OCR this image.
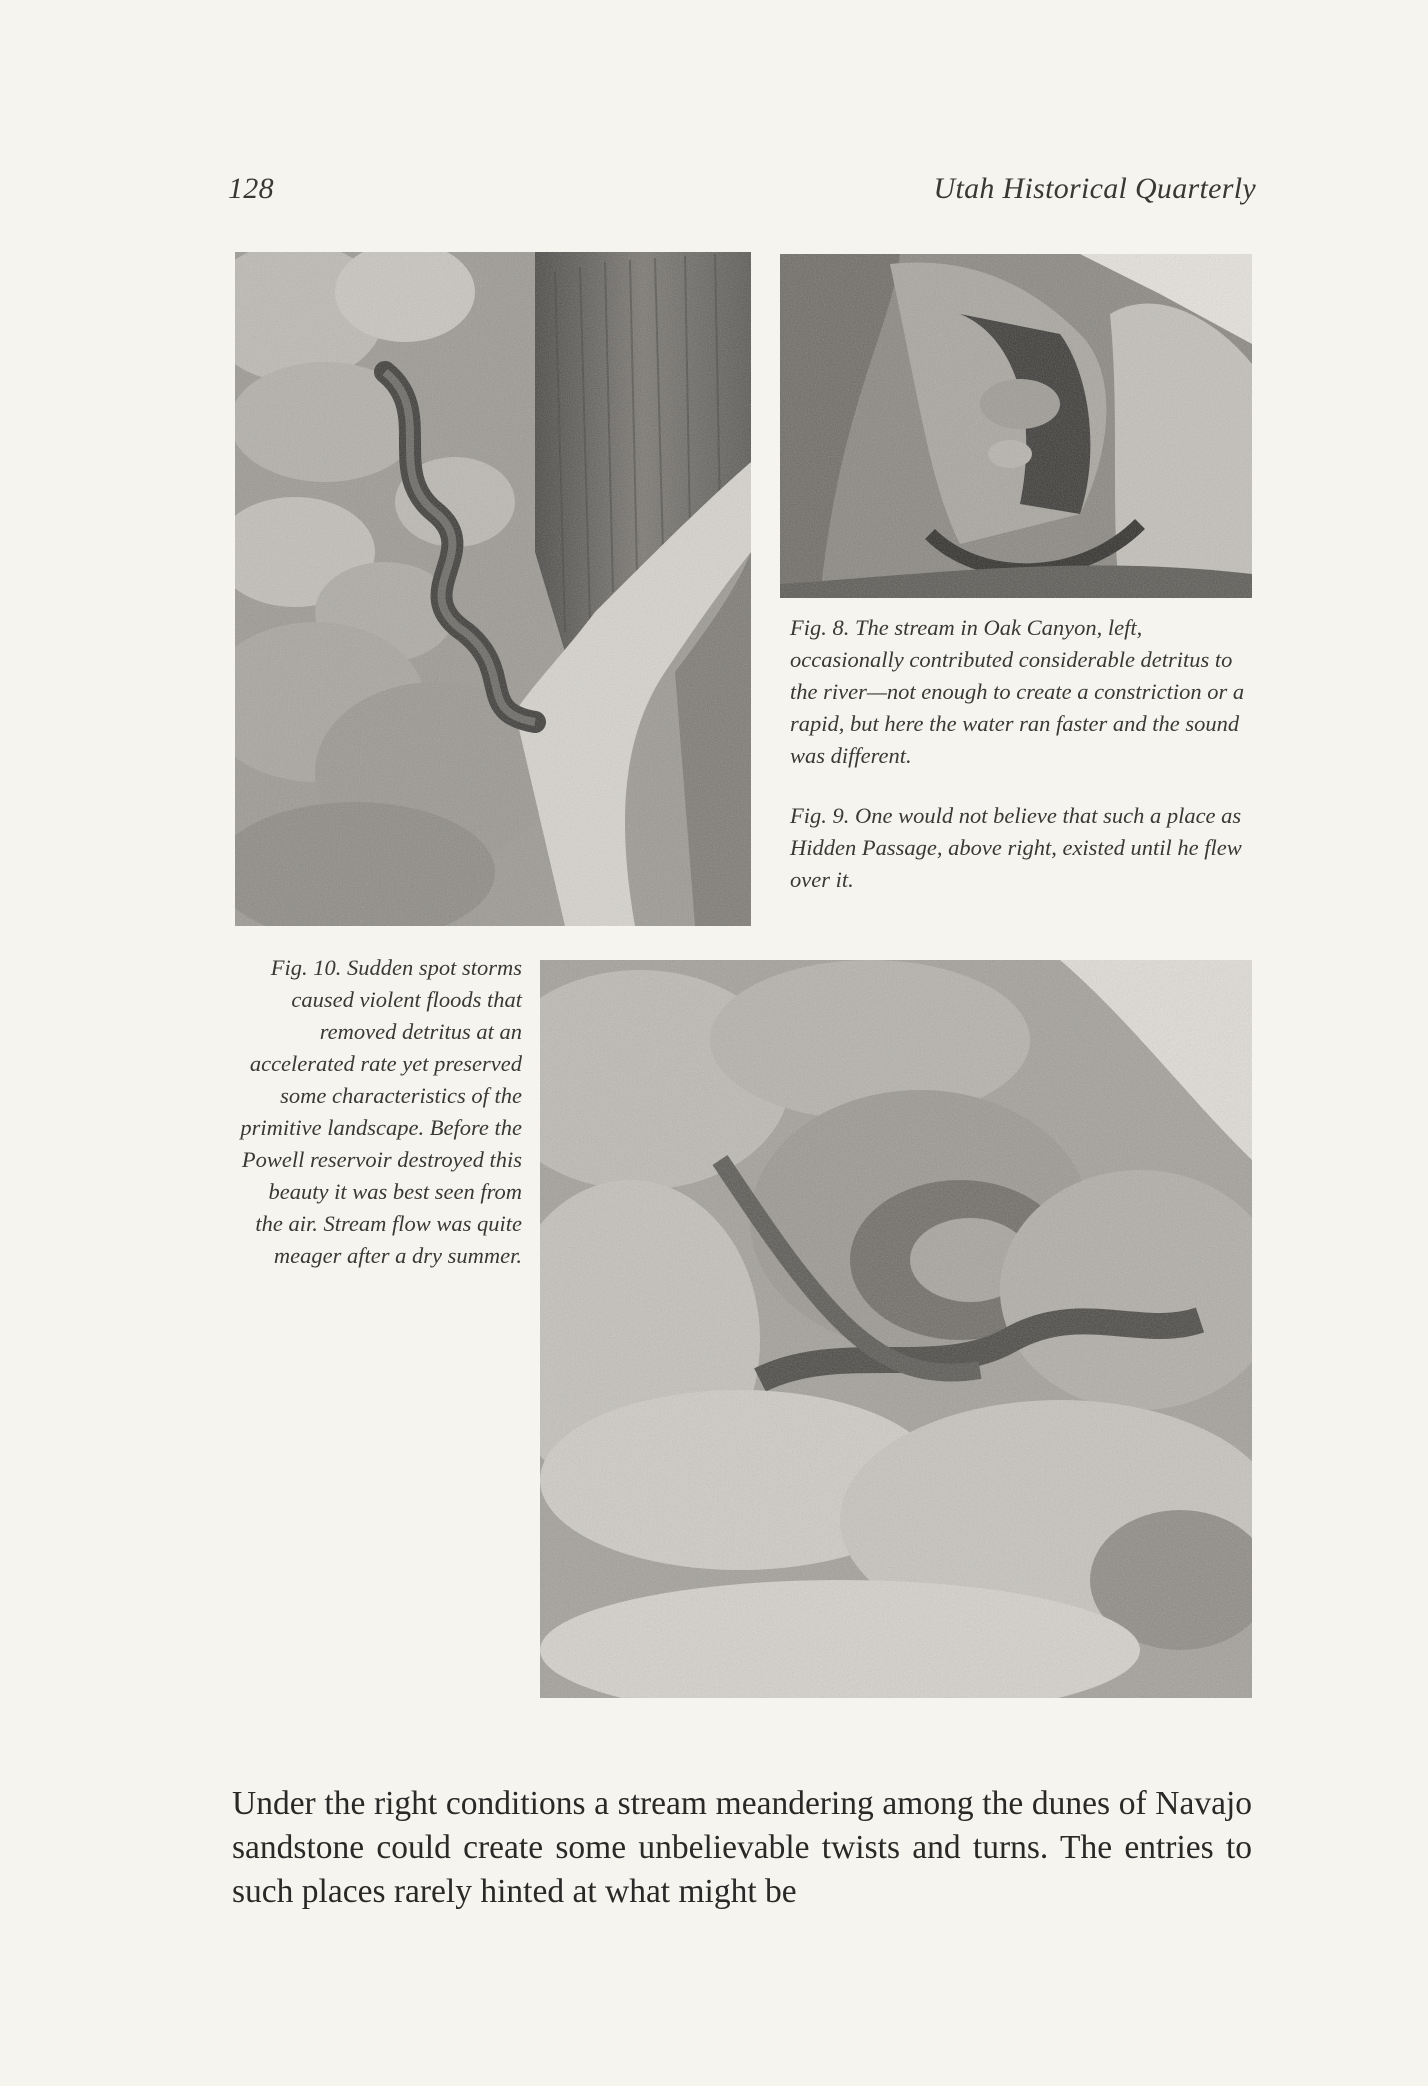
128	Utah Historical Quarterly
Fig. 8. The stream in Oak Canyon, left, occasionally contributed considerable detritus to the river—not enough to create a constriction or a rapid, but here the water ran faster and the sound was different.
Fig. 9. One would not believe that such a place as Hidden Passage, above right, existed until he flew over it.
Fig. 10. Sudden spot storms caused violent floods that removed detritus at an accelerated rate yet preserved some characteristics of the primitive landscape. Before the Powell reservoir destroyed this beauty it was best seen from the air. Stream flow was quite meager after a dry summer.
Under the right conditions a stream meandering among the dunes of Navajo sandstone could create some unbelievable twists and turns. The entries to such places rarely hinted at what might be
